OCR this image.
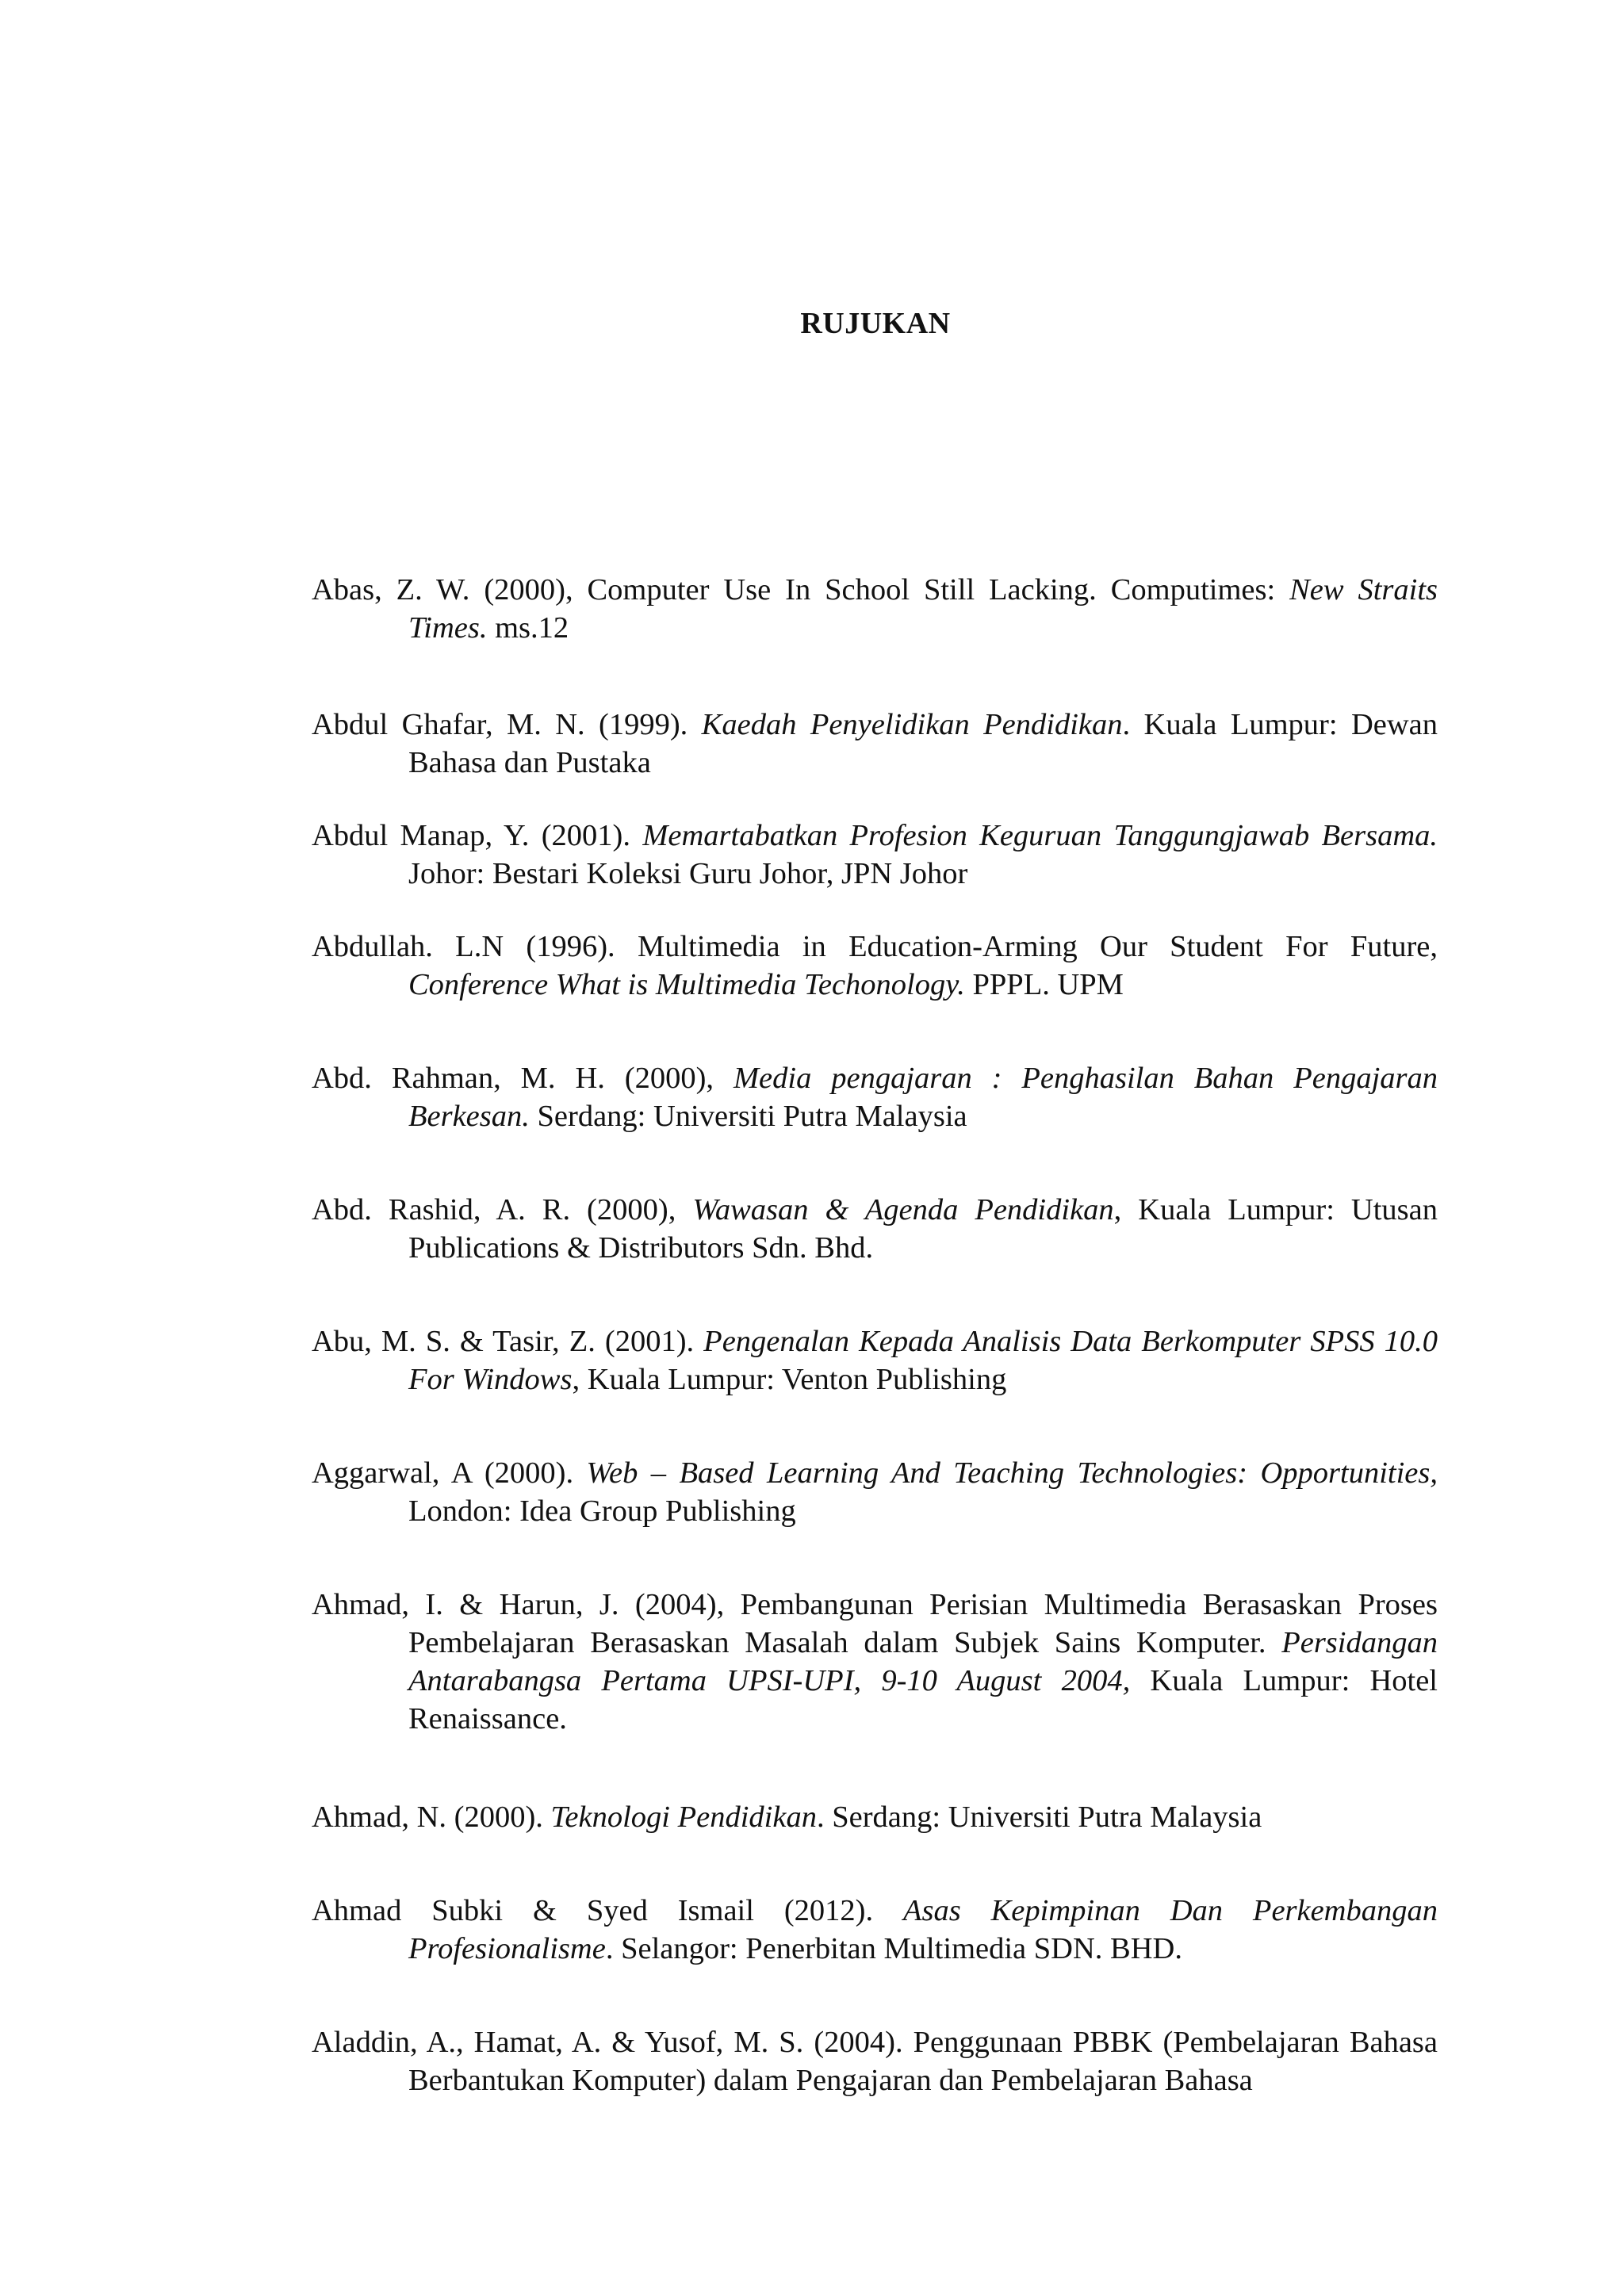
RUJUKAN
Abas, Z. W. (2000), Computer Use In School Still Lacking. Computimes: New Straits Times. ms.12
Abdul Ghafar, M. N. (1999). Kaedah Penyelidikan Pendidikan. Kuala Lumpur: Dewan Bahasa dan Pustaka
Abdul Manap, Y. (2001). Memartabatkan Profesion Keguruan Tanggungjawab Bersama. Johor: Bestari Koleksi Guru Johor, JPN Johor
Abdullah. L.N (1996). Multimedia in Education-Arming Our Student For Future, Conference What is Multimedia Techonology. PPPL. UPM
Abd. Rahman, M. H. (2000), Media pengajaran : Penghasilan Bahan Pengajaran Berkesan. Serdang: Universiti Putra Malaysia
Abd. Rashid, A. R. (2000), Wawasan & Agenda Pendidikan, Kuala Lumpur: Utusan Publications & Distributors Sdn. Bhd.
Abu, M. S. & Tasir, Z. (2001). Pengenalan Kepada Analisis Data Berkomputer SPSS 10.0 For Windows, Kuala Lumpur: Venton Publishing
Aggarwal, A (2000). Web – Based Learning And Teaching Technologies: Opportunities, London: Idea Group Publishing
Ahmad, I. & Harun, J. (2004), Pembangunan Perisian Multimedia Berasaskan Proses Pembelajaran Berasaskan Masalah dalam Subjek Sains Komputer. Persidangan Antarabangsa Pertama UPSI-UPI, 9-10 August 2004, Kuala Lumpur: Hotel Renaissance.
Ahmad, N. (2000). Teknologi Pendidikan. Serdang: Universiti Putra Malaysia
Ahmad Subki & Syed Ismail (2012). Asas Kepimpinan Dan Perkembangan Profesionalisme. Selangor: Penerbitan Multimedia SDN. BHD.
Aladdin, A., Hamat, A. & Yusof, M. S. (2004). Penggunaan PBBK (Pembelajaran Bahasa Berbantukan Komputer) dalam Pengajaran dan Pembelajaran Bahasa
